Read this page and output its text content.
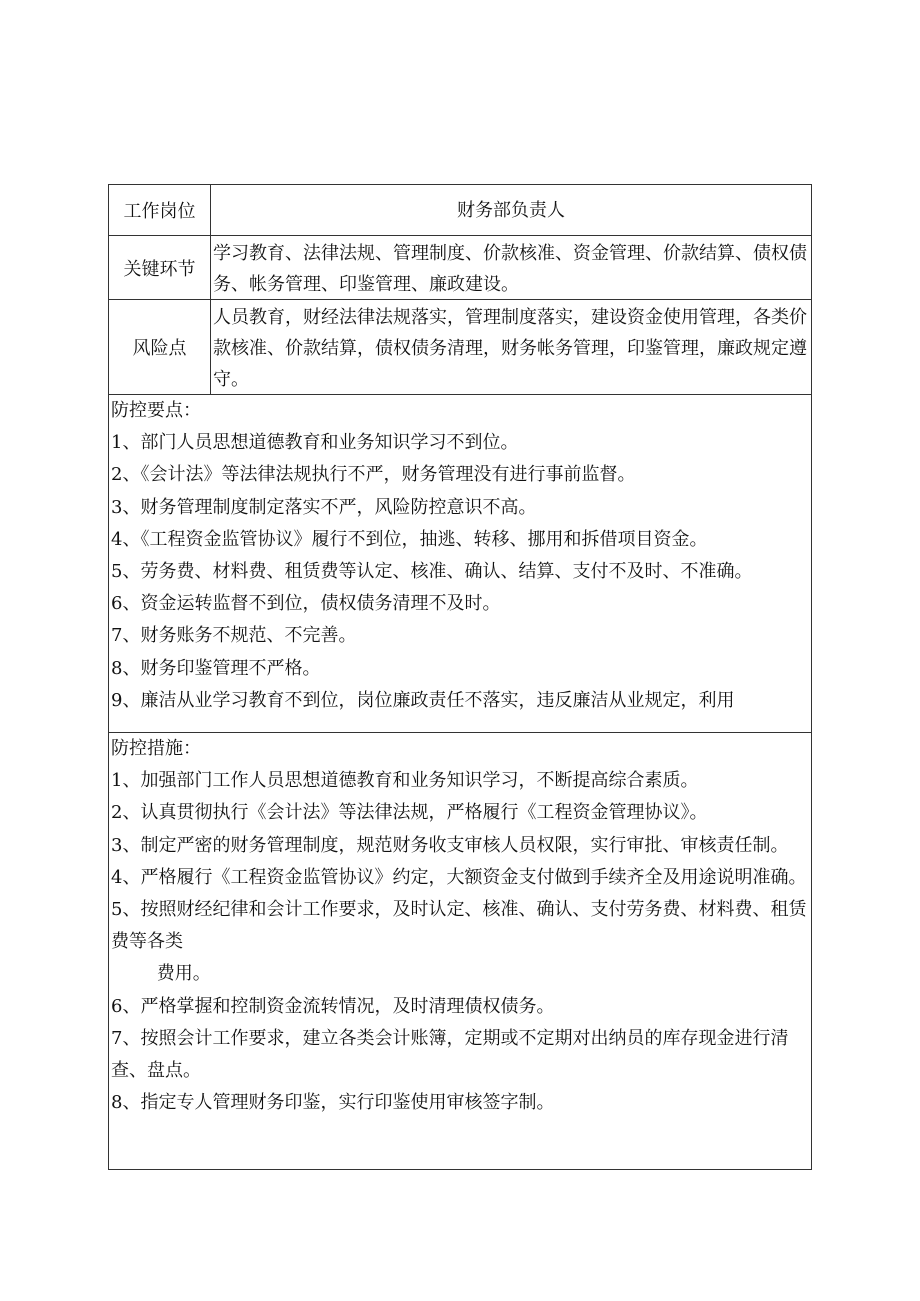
工作岗位	财务部负责人
关键环节
学习教育、法律法规、管理制度、价款核准、资金管理、价款结算、债权债务、帐务管理、印鉴管理、廉政建设。
风险点
人员教育，财经法律法规落实，管理制度落实，建设资金使用管理，各类价款核准、价款结算，债权债务清理，财务帐务管理，印鉴管理，廉政规定遵守。

防控要点：

1、部门人员思想道德教育和业务知识学习不到位。

2、《会计法》等法律法规执行不严，财务管理没有进行事前监督。

3、财务管理制度制定落实不严，风险防控意识不高。

4、《工程资金监管协议》履行不到位，抽逃、转移、挪用和拆借项目资金。

5、劳务费、材料费、租赁费等认定、核准、确认、结算、支付不及时、不准确。

6、资金运转监督不到位，债权债务清理不及时。

7、财务账务不规范、不完善。

8、财务印鉴管理不严格。

9、廉洁从业学习教育不到位，岗位廉政责任不落实，违反廉洁从业规定，利用

防控措施：

1、加强部门工作人员思想道德教育和业务知识学习，不断提高综合素质。

2、认真贯彻执行《会计法》等法律法规，严格履行《工程资金管理协议》。

3、制定严密的财务管理制度，规范财务收支审核人员权限，实行审批、审核责任制。

4、严格履行《工程资金监管协议》约定，大额资金支付做到手续齐全及用途说明准确。

5、按照财经纪律和会计工作要求，及时认定、核准、确认、支付劳务费、材料费、租赁费等各类

费用。

6、严格掌握和控制资金流转情况，及时清理债权债务。

7、按照会计工作要求，建立各类会计账簿，定期或不定期对出纳员的库存现金进行清查、盘点。

8、指定专人管理财务印鉴，实行印鉴使用审核签字制。
